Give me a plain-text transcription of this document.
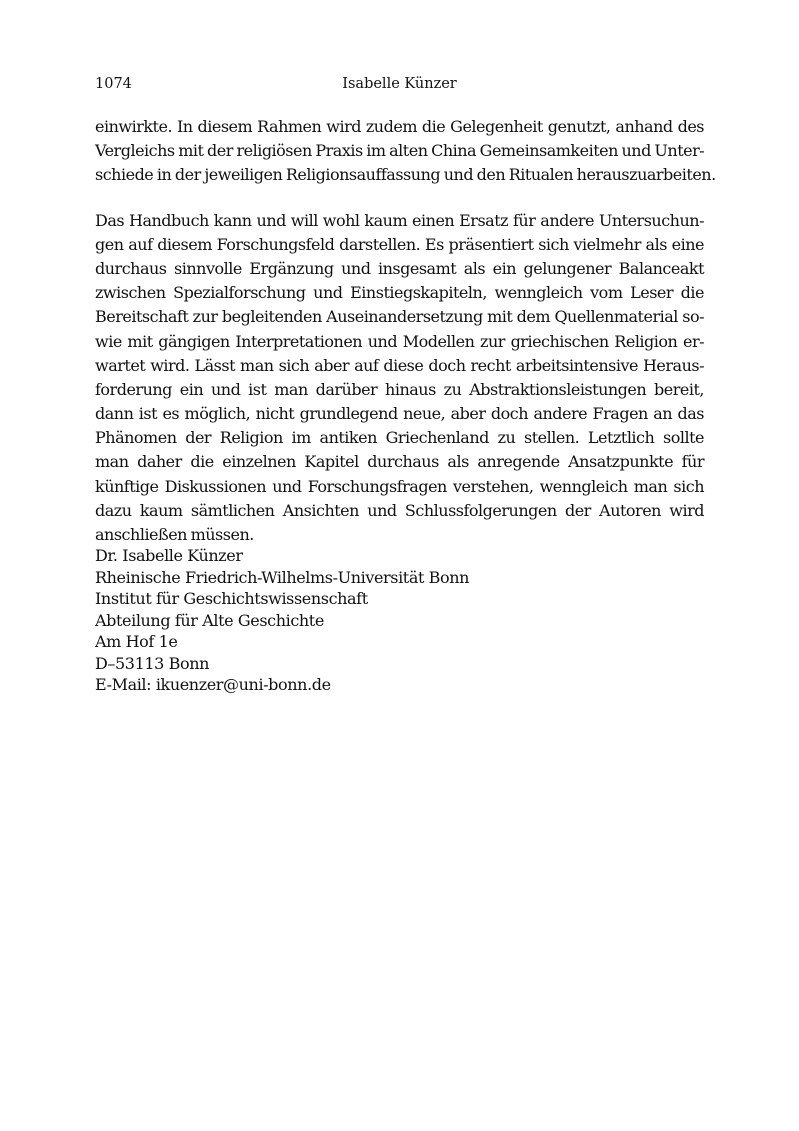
1074	Isabelle Künzer
einwirkte. In diesem Rahmen wird zudem die Gelegenheit genutzt, anhand des
Vergleichs mit der religiösen Praxis im alten China Gemeinsamkeiten und Unter-
schiede in der jeweiligen Religionsauffassung und den Ritualen herauszuarbeiten.
Das Handbuch kann und will wohl kaum einen Ersatz für andere Untersuchun-
gen auf diesem Forschungsfeld darstellen. Es präsentiert sich vielmehr als eine
durchaus sinnvolle Ergänzung und insgesamt als ein gelungener Balanceakt
zwischen Spezialforschung und Einstiegskapiteln, wenngleich vom Leser die
Bereitschaft zur begleitenden Auseinandersetzung mit dem Quellenmaterial so-
wie mit gängigen Interpretationen und Modellen zur griechischen Religion er-
wartet wird. Lässt man sich aber auf diese doch recht arbeitsintensive Heraus-
forderung ein und ist man darüber hinaus zu Abstraktionsleistungen bereit,
dann ist es möglich, nicht grundlegend neue, aber doch andere Fragen an das
Phänomen der Religion im antiken Griechenland zu stellen. Letztlich sollte
man daher die einzelnen Kapitel durchaus als anregende Ansatzpunkte für
künftige Diskussionen und Forschungsfragen verstehen, wenngleich man sich
dazu kaum sämtlichen Ansichten und Schlussfolgerungen der Autoren wird
anschließen müssen.
Dr. Isabelle Künzer
Rheinische Friedrich-Wilhelms-Universität Bonn
Institut für Geschichtswissenschaft
Abteilung für Alte Geschichte
Am Hof 1e
D–53113 Bonn
E-Mail: ikuenzer@uni-bonn.de
